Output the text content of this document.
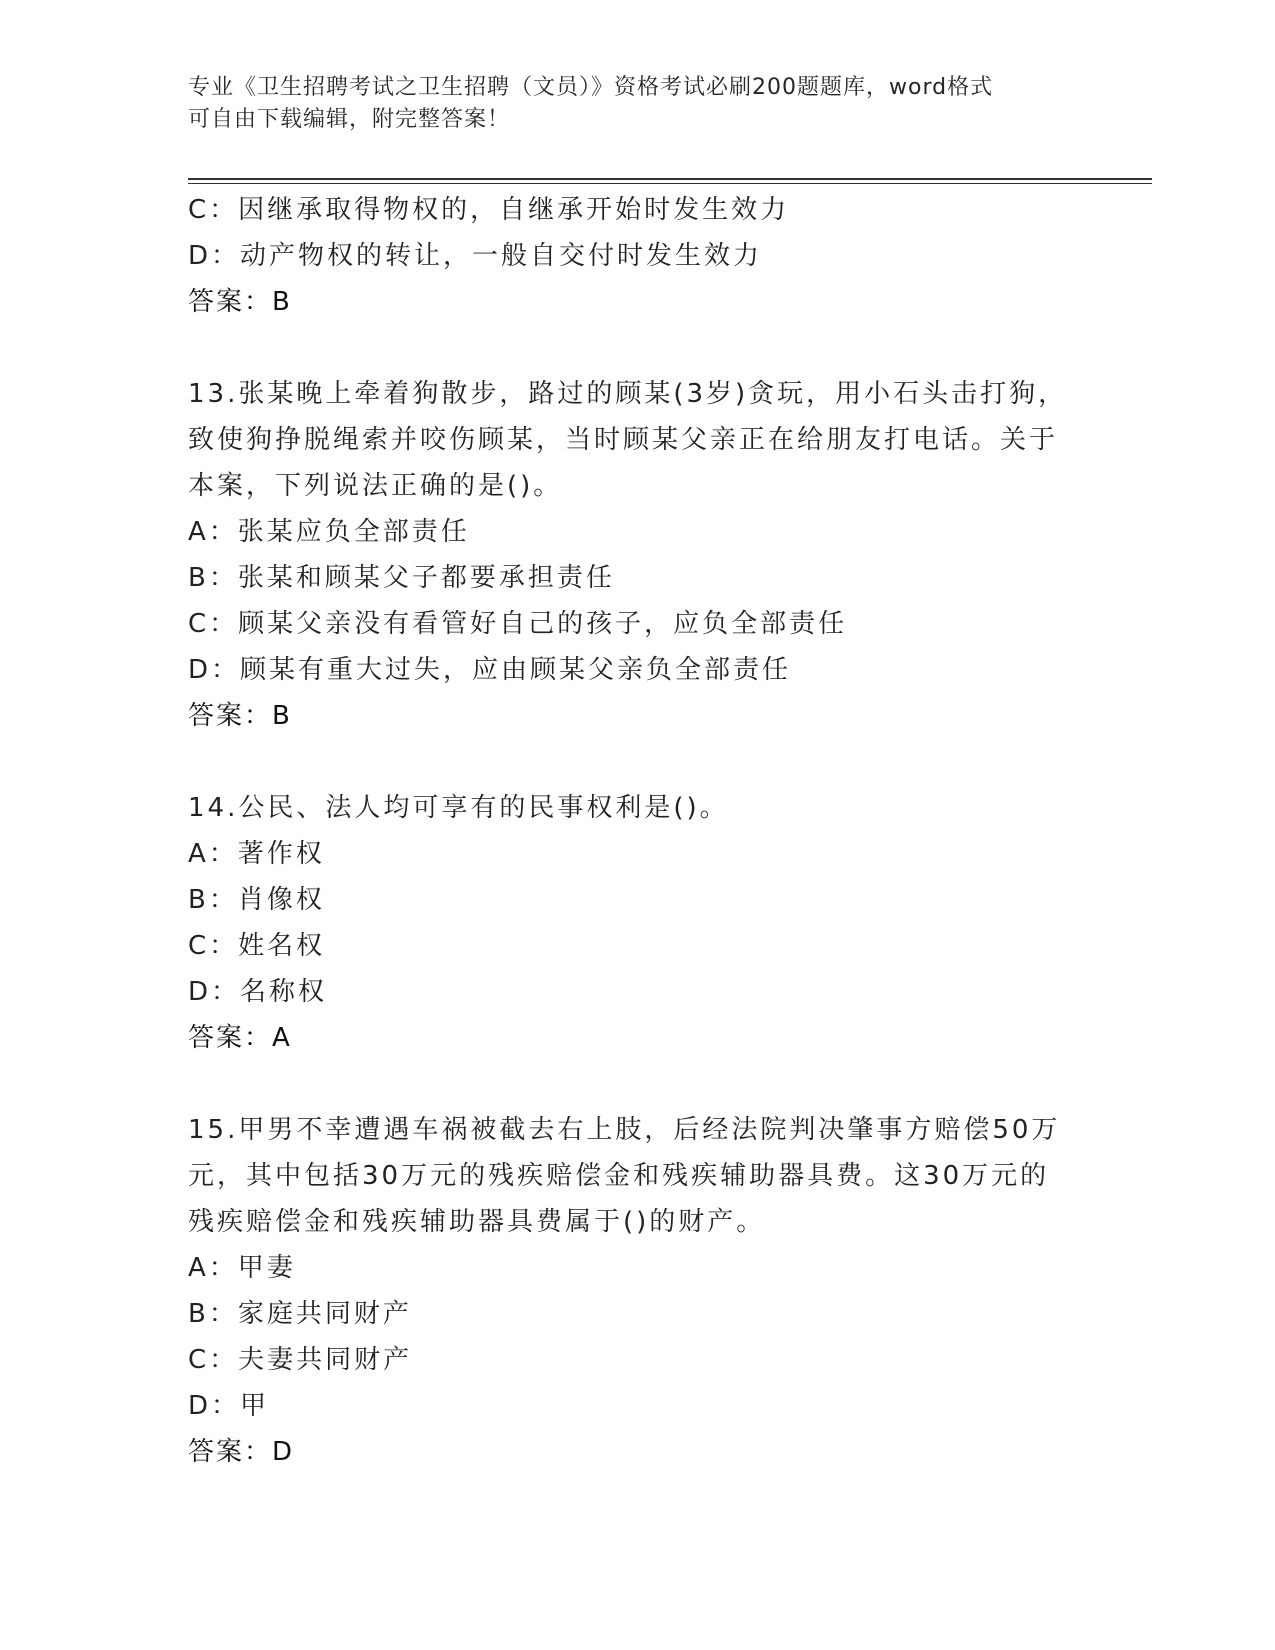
专业《卫生招聘考试之卫生招聘（文员）》资格考试必刷200题题库，word格式
可自由下载编辑，附完整答案！
C：因继承取得物权的，自继承开始时发生效力
D：动产物权的转让，一般自交付时发生效力
答案：B
13.张某晚上牵着狗散步，路过的顾某(3岁)贪玩，用小石头击打狗，
致使狗挣脱绳索并咬伤顾某，当时顾某父亲正在给朋友打电话。关于
本案，下列说法正确的是()。
A：张某应负全部责任
B：张某和顾某父子都要承担责任
C：顾某父亲没有看管好自己的孩子，应负全部责任
D：顾某有重大过失，应由顾某父亲负全部责任
答案：B
14.公民、法人均可享有的民事权利是()。
A：著作权
B：肖像权
C：姓名权
D：名称权
答案：A
15.甲男不幸遭遇车祸被截去右上肢，后经法院判决肇事方赔偿50万
元，其中包括30万元的残疾赔偿金和残疾辅助器具费。这30万元的
残疾赔偿金和残疾辅助器具费属于()的财产。
A：甲妻
B：家庭共同财产
C：夫妻共同财产
D：甲
答案：D
